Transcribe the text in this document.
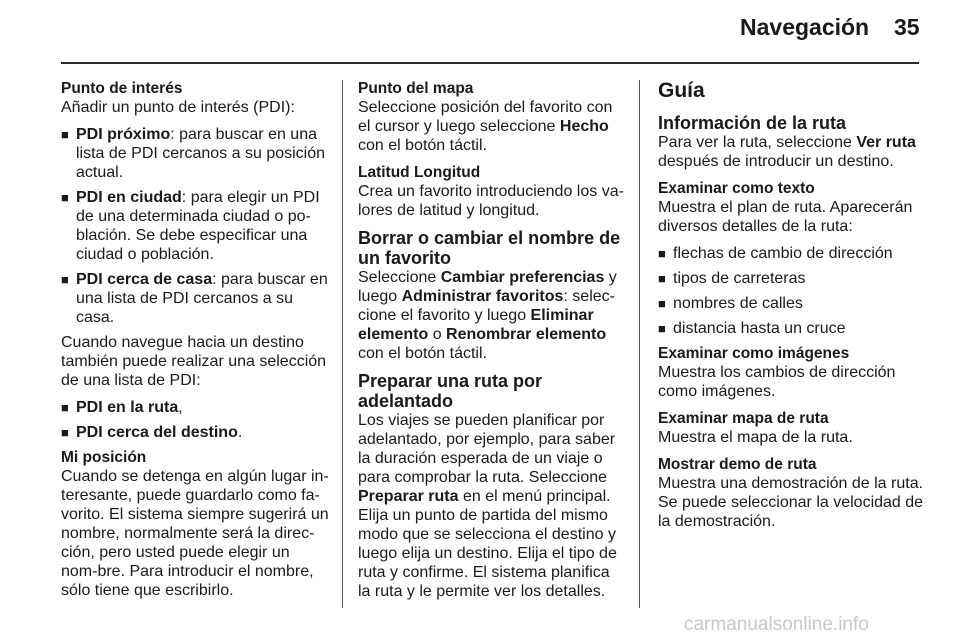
Navegación 35
Punto de interés

Añadir un punto de interés (PDI):

■ PDI próximo: para buscar en una lista de PDI cercanos a su posición actual.
■ PDI en ciudad: para elegir un PDI de una determinada ciudad o po-blación. Se debe especificar una ciudad o población.
■ PDI cerca de casa: para buscar en una lista de PDI cercanos a su casa.

Cuando navegue hacia un destino también puede realizar una selección de una lista de PDI:

■ PDI en la ruta,
■ PDI cerca del destino.
Mi posición

Cuando se detenga en algún lugar in-teresante, puede guardarlo como fa-vorito. El sistema siempre sugerirá un nombre, normalmente será la direc-ción, pero usted puede elegir un nom-bre. Para introducir el nombre, sólo tiene que escribirlo.

Punto del mapa

Seleccione posición del favorito con el cursor y luego seleccione Hecho con el botón táctil.

Latitud Longitud

Crea un favorito introduciendo los va-lores de latitud y longitud.

Borrar o cambiar el nombre de un favorito

Seleccione Cambiar preferencias y luego Administrar favoritos: selec-cione el favorito y luego Eliminar elemento o Renombrar elemento con el botón táctil.

Preparar una ruta por adelantado

Los viajes se pueden planificar por adelantado, por ejemplo, para saber la duración esperada de un viaje o para comprobar la ruta. Seleccione Preparar ruta en el menú principal. Elija un punto de partida del mismo modo que se selecciona el destino y luego elija un destino. Elija el tipo de ruta y confirme. El sistema planifica la ruta y le permite ver los detalles.

Guía
Información de la ruta

Para ver la ruta, seleccione Ver ruta después de introducir un destino.

Examinar como texto

Muestra el plan de ruta. Aparecerán diversos detalles de la ruta:

■ flechas de cambio de dirección
■ tipos de carreteras
■ nombres de calles
■ distancia hasta un cruce
Examinar como imágenes

Muestra los cambios de dirección como imágenes.

Examinar mapa de ruta

Muestra el mapa de la ruta.

Mostrar demo de ruta

Muestra una demostración de la ruta. Se puede seleccionar la velocidad de la demostración.

carmanualsonline.info
